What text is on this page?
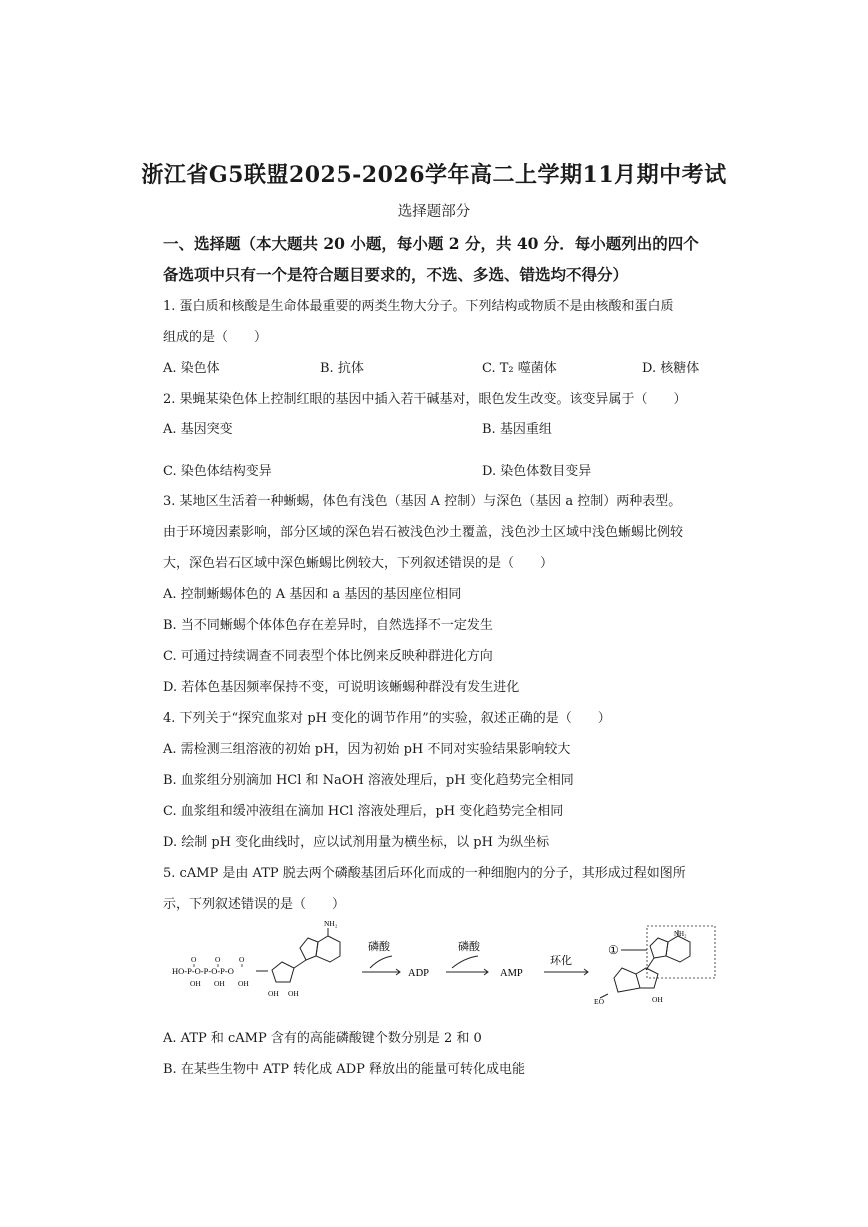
浙江省G5联盟2025-2026学年高二上学期11月期中考试
选择题部分
一、选择题（本大题共 20 小题，每小题 2 分，共 40 分．每小题列出的四个
备选项中只有一个是符合题目要求的，不选、多选、错选均不得分）
1. 蛋白质和核酸是生命体最重要的两类生物大分子。下列结构或物质不是由核酸和蛋白质
组成的是（　　）
A. 染色体	B. 抗体	C. T₂ 噬菌体	D. 核糖体
2. 果蝇某染色体上控制红眼的基因中插入若干碱基对，眼色发生改变。该变异属于（　　）
A. 基因突变	B. 基因重组
C. 染色体结构变异	D. 染色体数目变异
3. 某地区生活着一种蜥蜴，体色有浅色（基因 A 控制）与深色（基因 a 控制）两种表型。
由于环境因素影响，部分区域的深色岩石被浅色沙土覆盖，浅色沙土区域中浅色蜥蜴比例较
大，深色岩石区域中深色蜥蜴比例较大，下列叙述错误的是（　　）
A. 控制蜥蜴体色的 A 基因和 a 基因的基因座位相同
B. 当不同蜥蜴个体体色存在差异时，自然选择不一定发生
C. 可通过持续调查不同表型个体比例来反映种群进化方向
D. 若体色基因频率保持不变，可说明该蜥蜴种群没有发生进化
4. 下列关于“探究血浆对 pH 变化的调节作用”的实验，叙述正确的是（　　）
A. 需检测三组溶液的初始 pH，因为初始 pH 不同对实验结果影响较大
B. 血浆组分别滴加 HCl 和 NaOH 溶液处理后，pH 变化趋势完全相同
C. 血浆组和缓冲液组在滴加 HCl 溶液处理后，pH 变化趋势完全相同
D. 绘制 pH 变化曲线时，应以试剂用量为横坐标，以 pH 为纵坐标
5. cAMP 是由 ATP 脱去两个磷酸基团后环化而成的一种细胞内的分子，其形成过程如图所
示，下列叙述错误的是（　　）
HO-P-O-P-O-P-O
O O O
OH OH OH
OH OH
NH₂
磷酸
ADP
磷酸
AMP
环化
①
NH₂
EO	OH
A. ATP 和 cAMP 含有的高能磷酸键个数分别是 2 和 0
B. 在某些生物中 ATP 转化成 ADP 释放出的能量可转化成电能
